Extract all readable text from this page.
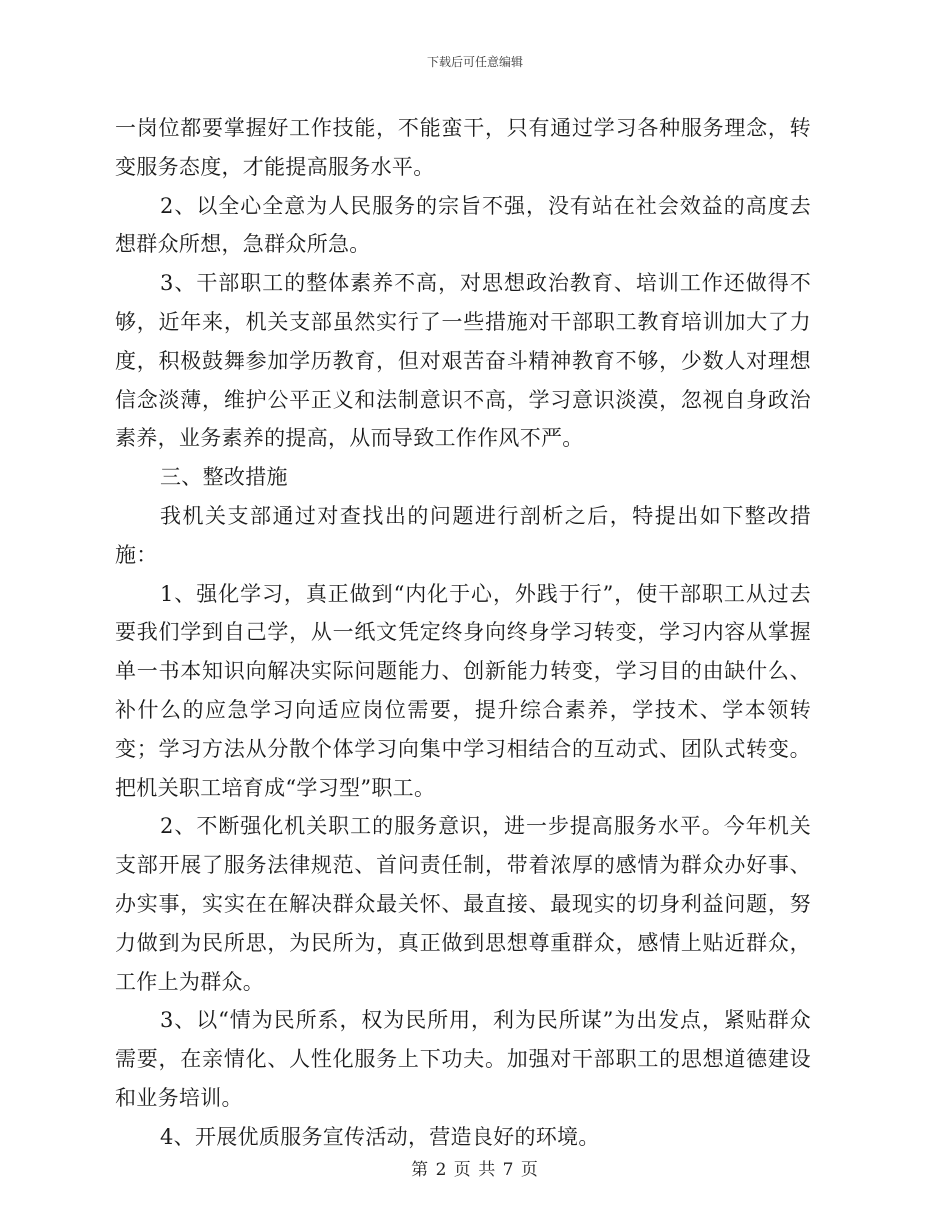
下载后可任意编辑

一岗位都要掌握好工作技能，不能蛮干，只有通过学习各种服务理念，转变服务态度，才能提高服务水平。

2、以全心全意为人民服务的宗旨不强，没有站在社会效益的高度去想群众所想，急群众所急。

3、干部职工的整体素养不高，对思想政治教育、培训工作还做得不够，近年来，机关支部虽然实行了一些措施对干部职工教育培训加大了力度，积极鼓舞参加学历教育，但对艰苦奋斗精神教育不够，少数人对理想信念淡薄，维护公平正义和法制意识不高，学习意识淡漠，忽视自身政治素养，业务素养的提高，从而导致工作作风不严。

三、整改措施

我机关支部通过对查找出的问题进行剖析之后，特提出如下整改措施：

1、强化学习，真正做到“内化于心，外践于行”，使干部职工从过去要我们学到自己学，从一纸文凭定终身向终身学习转变，学习内容从掌握单一书本知识向解决实际问题能力、创新能力转变，学习目的由缺什么、补什么的应急学习向适应岗位需要，提升综合素养，学技术、学本领转变；学习方法从分散个体学习向集中学习相结合的互动式、团队式转变。把机关职工培育成“学习型”职工。

2、不断强化机关职工的服务意识，进一步提高服务水平。今年机关支部开展了服务法律规范、首问责任制，带着浓厚的感情为群众办好事、办实事，实实在在解决群众最关怀、最直接、最现实的切身利益问题，努力做到为民所思，为民所为，真正做到思想尊重群众，感情上贴近群众，工作上为群众。

3、以“情为民所系，权为民所用，利为民所谋”为出发点，紧贴群众需要，在亲情化、人性化服务上下功夫。加强对干部职工的思想道德建设和业务培训。

4、开展优质服务宣传活动，营造良好的环境。

第 2 页 共 7 页
